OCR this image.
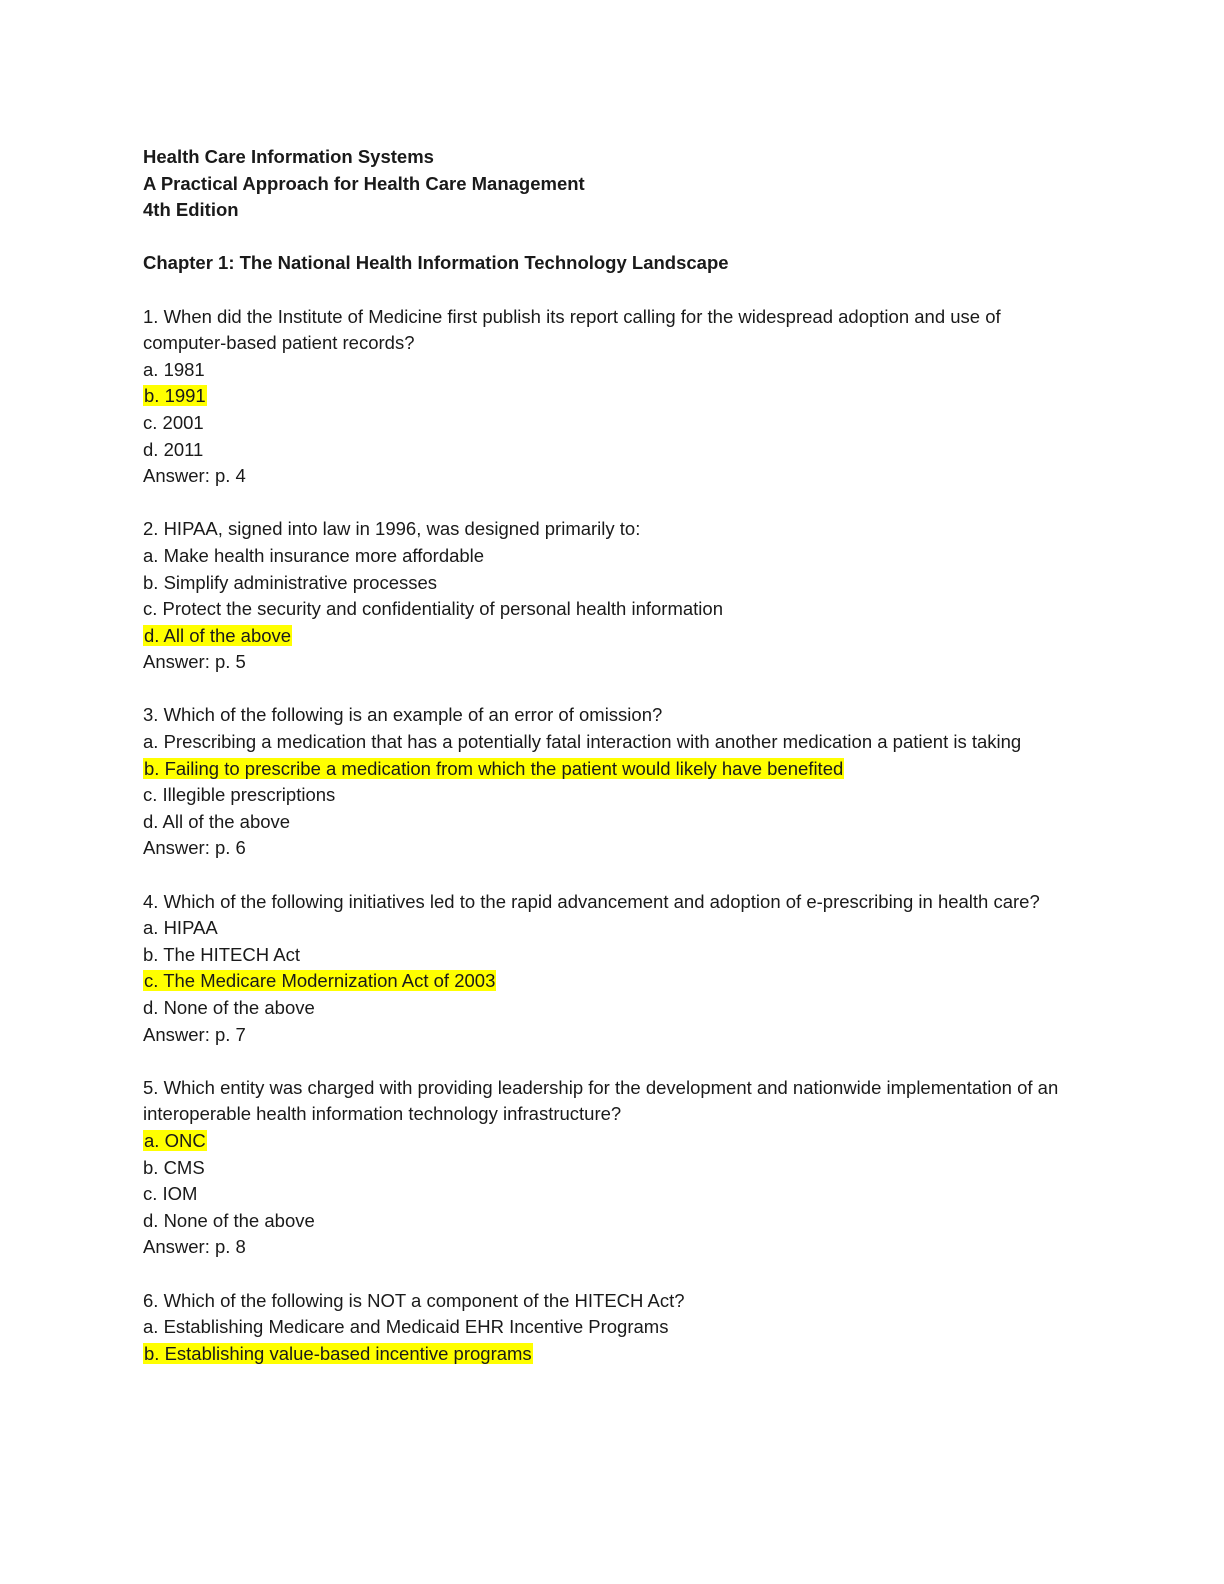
Health Care Information Systems
A Practical Approach for Health Care Management
4th Edition
Chapter 1: The National Health Information Technology Landscape
1. When did the Institute of Medicine first publish its report calling for the widespread adoption and use of computer-based patient records?
a. 1981
b. 1991
c. 2001
d. 2011
Answer: p. 4
2. HIPAA, signed into law in 1996, was designed primarily to:
a. Make health insurance more affordable
b. Simplify administrative processes
c. Protect the security and confidentiality of personal health information
d. All of the above
Answer: p. 5
3. Which of the following is an example of an error of omission?
a. Prescribing a medication that has a potentially fatal interaction with another medication a patient is taking
b. Failing to prescribe a medication from which the patient would likely have benefited
c. Illegible prescriptions
d. All of the above
Answer: p. 6
4. Which of the following initiatives led to the rapid advancement and adoption of e-prescribing in health care?
a. HIPAA
b. The HITECH Act
c. The Medicare Modernization Act of 2003
d. None of the above
Answer: p. 7
5. Which entity was charged with providing leadership for the development and nationwide implementation of an interoperable health information technology infrastructure?
a. ONC
b. CMS
c. IOM
d. None of the above
Answer: p. 8
6. Which of the following is NOT a component of the HITECH Act?
a. Establishing Medicare and Medicaid EHR Incentive Programs
b. Establishing value-based incentive programs
